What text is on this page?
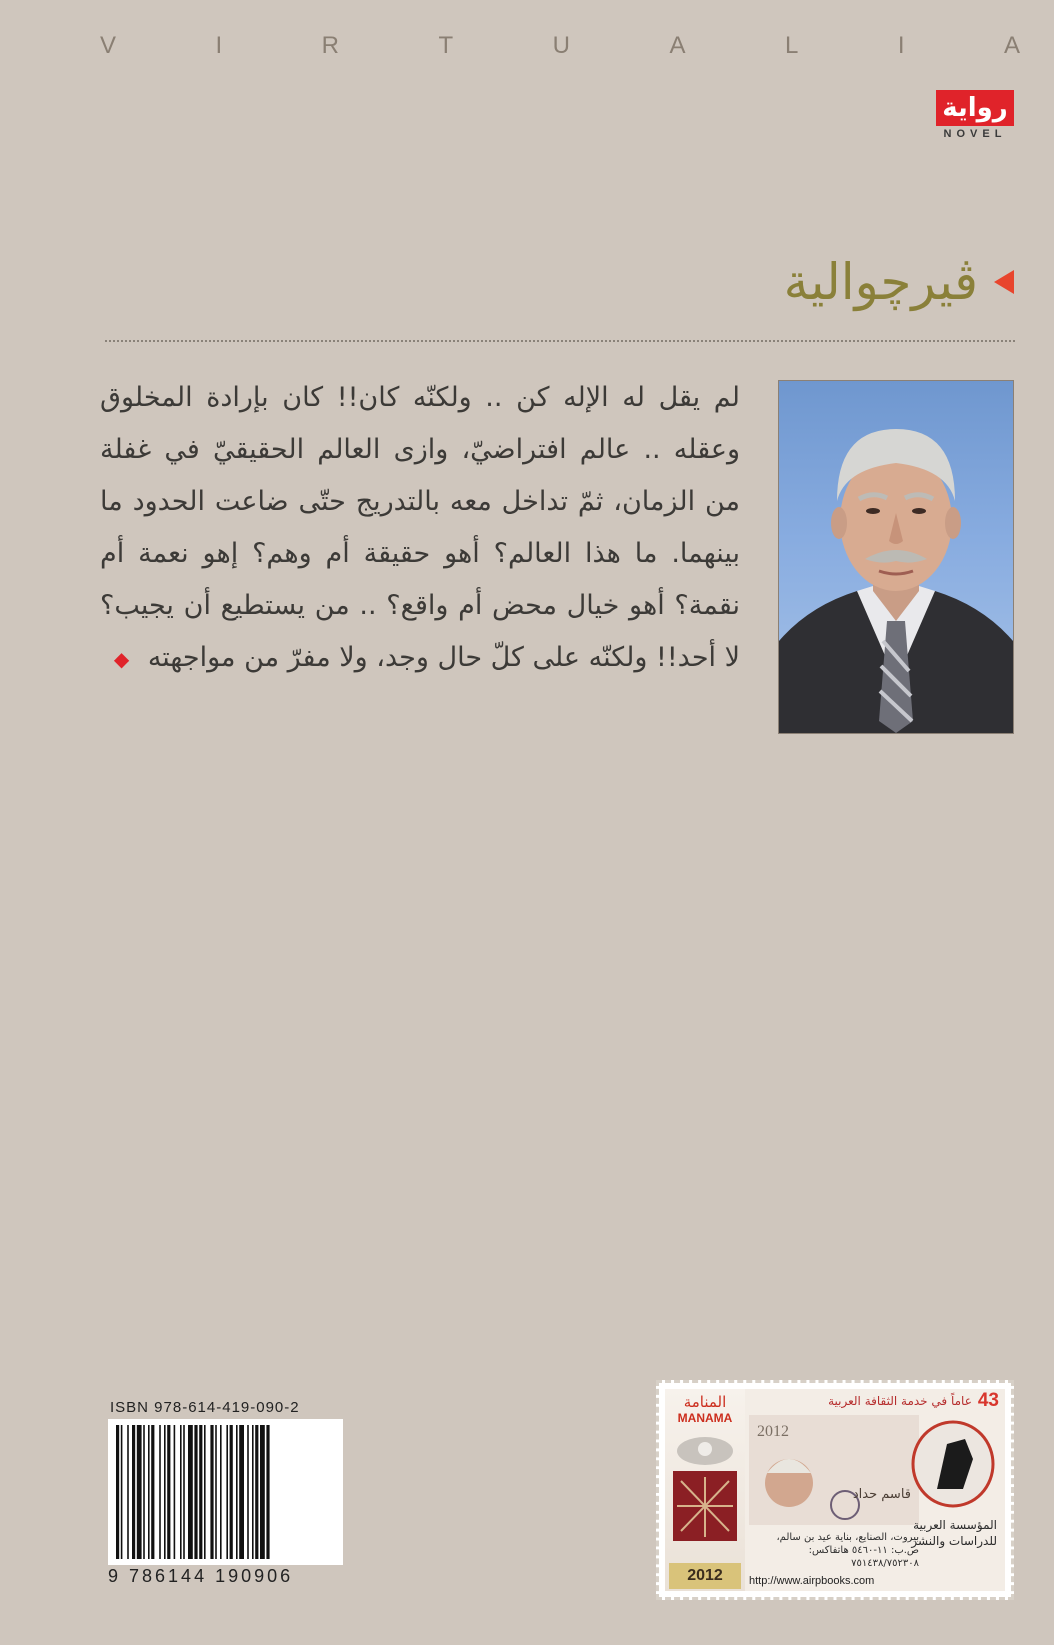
V	I	R	T	U	A	L	I	A
رواية
NOVEL
ڤيرچوالية
لم يقل له الإله كن .. ولكنّه كان!! كان بإرادة المخلوق وعقله .. عالم افتراضيّ، وازى العالم الحقيقيّ في غفلة من الزمان، ثمّ تداخل معه بالتدريج حتّى ضاعت الحدود ما بينهما. ما هذا العالم؟ أهو حقيقة أم وهم؟ إهو نعمة أم نقمة؟ أهو خيال محض أم واقع؟ .. من يستطيع أن يجيب؟ لا أحد!! ولكنّه على كلّ حال وجد، ولا مفرّ من مواجهته ◆
ISBN 978-614-419-090-2
9 786144 190906
المنامة
MANAMA
2012
43
عاماً في خدمة الثقافة العربية
2012
قاسم حداد
المؤسسة العربية للدراسات والنشر
بيروت، الصنايع، بناية عيد بن سالم، ص.ب: ١١-٥٤٦٠ هاتفاكس: ٧٥١٤٣٨/٧٥٢٣٠٨
http://www.airpbooks.com
